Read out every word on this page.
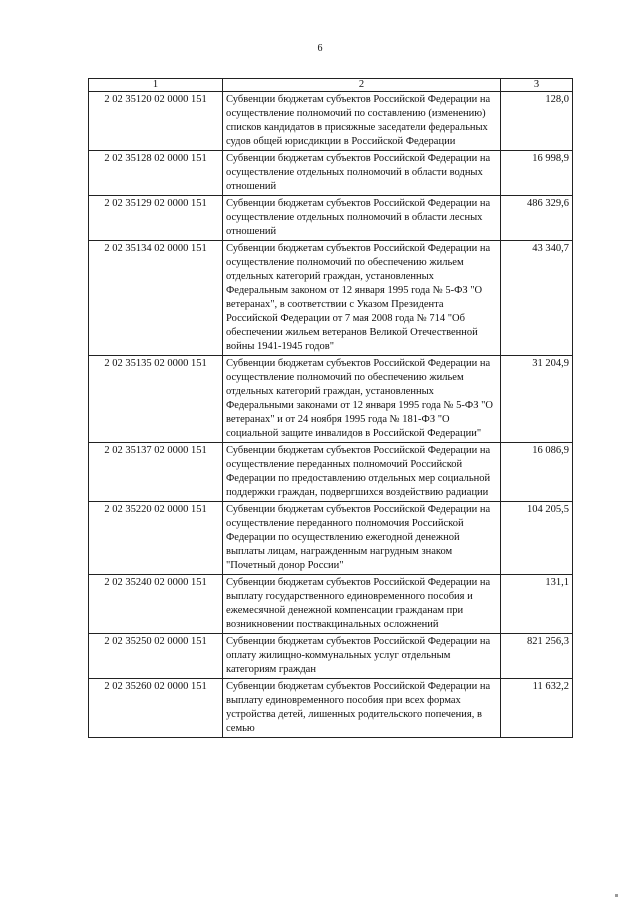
6
1	2	3
2 02 35120 02 0000 151	Субвенции бюджетам субъектов Российской Федерации на осуществление полномочий по составлению (изменению) списков кандидатов в присяжные заседатели федеральных судов общей юрисдикции в Российской Федерации	128,0
2 02 35128 02 0000 151	Субвенции бюджетам субъектов Российской Федерации на осуществление отдельных полномочий в области водных отношений	16 998,9
2 02 35129 02 0000 151	Субвенции бюджетам субъектов Российской Федерации на осуществление отдельных полномочий в области лесных отношений	486 329,6
2 02 35134 02 0000 151	Субвенции бюджетам субъектов Российской Федерации на осуществление полномочий по обеспечению жильем отдельных категорий граждан, установленных Федеральным законом от 12 января 1995 года № 5-ФЗ "О ветеранах", в соответствии с Указом Президента Российской Федерации от 7 мая 2008 года № 714 "Об обеспечении жильем ветеранов Великой Отечественной войны 1941-1945 годов"	43 340,7
2 02 35135 02 0000 151	Субвенции бюджетам субъектов Российской Федерации на осуществление полномочий по обеспечению жильем отдельных категорий граждан, установленных Федеральными законами от 12 января 1995 года № 5-ФЗ "О ветеранах" и от 24 ноября 1995 года № 181-ФЗ "О социальной защите инвалидов в Российской Федерации"	31 204,9
2 02 35137 02 0000 151	Субвенции бюджетам субъектов Российской Федерации на осуществление переданных полномочий Российской Федерации по предоставлению отдельных мер социальной поддержки граждан, подвергшихся воздействию радиации	16 086,9
2 02 35220 02 0000 151	Субвенции бюджетам субъектов Российской Федерации на осуществление переданного полномочия Российской Федерации по осуществлению ежегодной денежной выплаты лицам, награжденным нагрудным знаком "Почетный донор России"	104 205,5
2 02 35240 02 0000 151	Субвенции бюджетам субъектов Российской Федерации на выплату государственного единовременного пособия и ежемесячной денежной компенсации гражданам при возникновении поствакцинальных осложнений	131,1
2 02 35250 02 0000 151	Субвенции бюджетам субъектов Российской Федерации на оплату жилищно-коммунальных услуг отдельным категориям граждан	821 256,3
2 02 35260 02 0000 151	Субвенции бюджетам субъектов Российской Федерации на выплату единовременного пособия при всех формах устройства детей, лишенных родительского попечения, в семью	11 632,2
